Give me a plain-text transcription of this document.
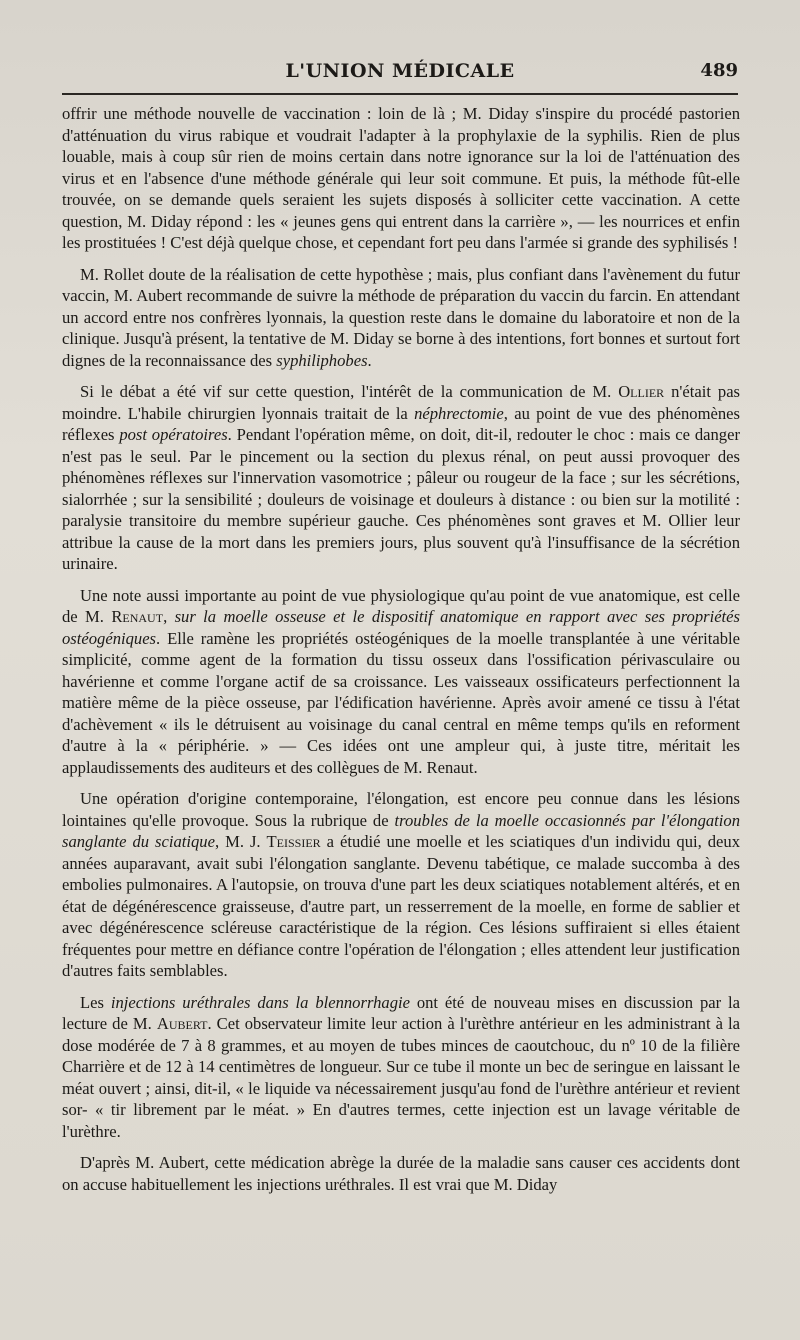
L'UNION MÉDICALE	489

offrir une méthode nouvelle de vaccination : loin de là ; M. Diday s'inspire du procédé pastorien d'atténuation du virus rabique et voudrait l'adapter à la prophylaxie de la syphilis. Rien de plus louable, mais à coup sûr rien de moins certain dans notre ignorance sur la loi de l'atténuation des virus et en l'absence d'une méthode générale qui leur soit commune. Et puis, la méthode fût-elle trouvée, on se demande quels seraient les sujets disposés à solliciter cette vaccination. A cette question, M. Diday répond : les « jeunes gens qui entrent dans la carrière », — les nourrices et enfin les prostituées ! C'est déjà quelque chose, et cependant fort peu dans l'armée si grande des syphilisés !

M. Rollet doute de la réalisation de cette hypothèse ; mais, plus confiant dans l'avènement du futur vaccin, M. Aubert recommande de suivre la méthode de préparation du vaccin du farcin. En attendant un accord entre nos confrères lyonnais, la question reste dans le domaine du laboratoire et non de la clinique. Jusqu'à présent, la tentative de M. Diday se borne à des intentions, fort bonnes et surtout fort dignes de la reconnaissance des syphiliphobes.

Si le débat a été vif sur cette question, l'intérêt de la communication de M. Ollier n'était pas moindre. L'habile chirurgien lyonnais traitait de la néphrectomie, au point de vue des phénomènes réflexes post opératoires. Pendant l'opération même, on doit, dit-il, redouter le choc : mais ce danger n'est pas le seul. Par le pincement ou la section du plexus rénal, on peut aussi provoquer des phénomènes réflexes sur l'innervation vasomotrice ; pâleur ou rougeur de la face ; sur les sécrétions, sialorrhée ; sur la sensibilité ; douleurs de voisinage et douleurs à distance : ou bien sur la motilité : paralysie transitoire du membre supérieur gauche. Ces phénomènes sont graves et M. Ollier leur attribue la cause de la mort dans les premiers jours, plus souvent qu'à l'insuffisance de la sécrétion urinaire.

Une note aussi importante au point de vue physiologique qu'au point de vue anatomique, est celle de M. Renaut, sur la moelle osseuse et le dispositif anatomique en rapport avec ses propriétés ostéogéniques. Elle ramène les propriétés ostéogéniques de la moelle transplantée à une véritable simplicité, comme agent de la formation du tissu osseux dans l'ossification périvasculaire ou havérienne et comme l'organe actif de sa croissance. Les vaisseaux ossificateurs perfectionnent la matière même de la pièce osseuse, par l'édification havérienne. Après avoir amené ce tissu à l'état d'achèvement « ils le détruisent au voisinage du canal central en même temps qu'ils en reforment d'autre à la « périphérie. » — Ces idées ont une ampleur qui, à juste titre, méritait les applaudissements des auditeurs et des collègues de M. Renaut.

Une opération d'origine contemporaine, l'élongation, est encore peu connue dans les lésions lointaines qu'elle provoque. Sous la rubrique de troubles de la moelle occasionnés par l'élongation sanglante du sciatique, M. J. Teissier a étudié une moelle et les sciatiques d'un individu qui, deux années auparavant, avait subi l'élongation sanglante. Devenu tabétique, ce malade succomba à des embolies pulmonaires. A l'autopsie, on trouva d'une part les deux sciatiques notablement altérés, et en état de dégénérescence graisseuse, d'autre part, un resserrement de la moelle, en forme de sablier et avec dégénérescence scléreuse caractéristique de la région. Ces lésions suffiraient si elles étaient fréquentes pour mettre en défiance contre l'opération de l'élongation ; elles attendent leur justification d'autres faits semblables.

Les injections uréthrales dans la blennorrhagie ont été de nouveau mises en discussion par la lecture de M. Aubert. Cet observateur limite leur action à l'urèthre antérieur en les administrant à la dose modérée de 7 à 8 grammes, et au moyen de tubes minces de caoutchouc, du nº 10 de la filière Charrière et de 12 à 14 centimètres de longueur. Sur ce tube il monte un bec de seringue en laissant le méat ouvert ; ainsi, dit-il, « le liquide va nécessairement jusqu'au fond de l'urèthre antérieur et revient sor- « tir librement par le méat. » En d'autres termes, cette injection est un lavage véritable de l'urèthre.

D'après M. Aubert, cette médication abrège la durée de la maladie sans causer ces accidents dont on accuse habituellement les injections uréthrales. Il est vrai que M. Diday
